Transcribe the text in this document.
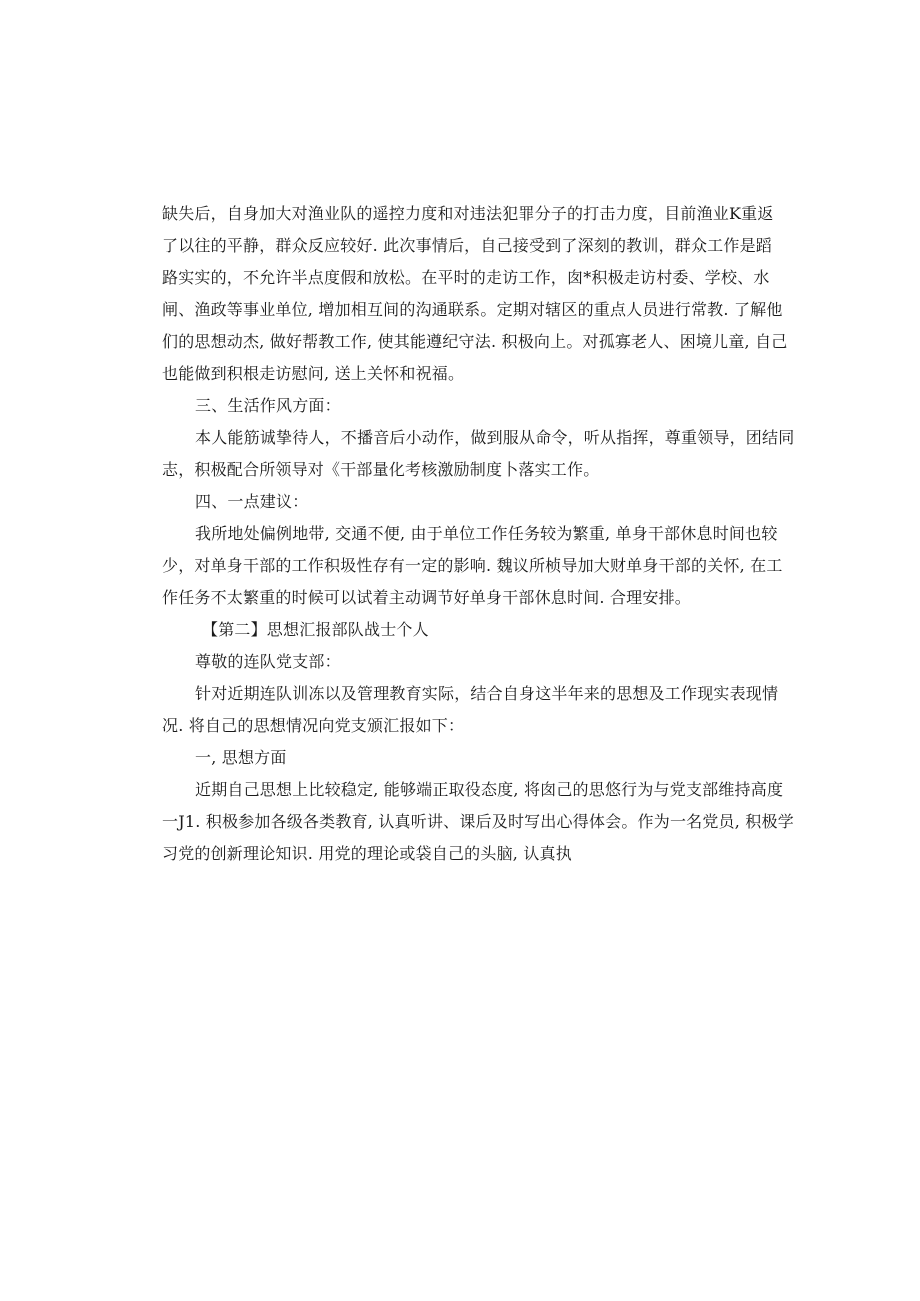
缺失后，自身加大对渔业队的遥控力度和对违法犯罪分子的打击力度，目前渔业K重返
了以往的平静，群众反应较好. 此次事情后，自己接受到了深刻的教训，群众工作是蹈
路实实的，不允许半点度假和放松。在平时的走访工作，囱*积极走访村委、学校、水
闸、渔政等事业单位, 增加相互间的沟通联系。定期对辖区的重点人员进行常教. 了解他
们的思想动杰, 做好帮教工作, 使其能遵纪守法. 积极向上。对孤寡老人、困境儿童, 自己
也能做到积根走访慰问, 送上关怀和祝福。
三、生活作风方面：
本人能筋诚挚待人，不播音后小动作，做到服从命令，听从指挥，尊重领导，团结同
志，积极配合所领导对《干部量化考核激励制度卜落实工作。
四、一点建议：
我所地处偏例地带, 交通不便, 由于单位工作任务较为繁重, 单身干部休息时间也较
少，对单身干部的工作积圾性存有一定的影响. 魏议所桢导加大财单身干部的关怀, 在工
作任务不太繁重的时候可以试着主动调节好单身干部休息时间. 合理安排。
【第二】思想汇报部队战士个人
尊敬的连队党支部：
针对近期连队训冻以及管理教育实际，结合自身这半年来的思想及工作现实表现情
况. 将自己的思想情况向党支颁汇报如下：
一, 思想方面
近期自己思想上比较稳定, 能够端正取役态度, 将囱己的思悠行为与党支部维持高度
一J1. 积极参加各级各类教育, 认真听讲、课后及时写出心得体会。作为一名党员, 积极学
习党的创新理论知识. 用党的理论或袋自己的头脑, 认真执
